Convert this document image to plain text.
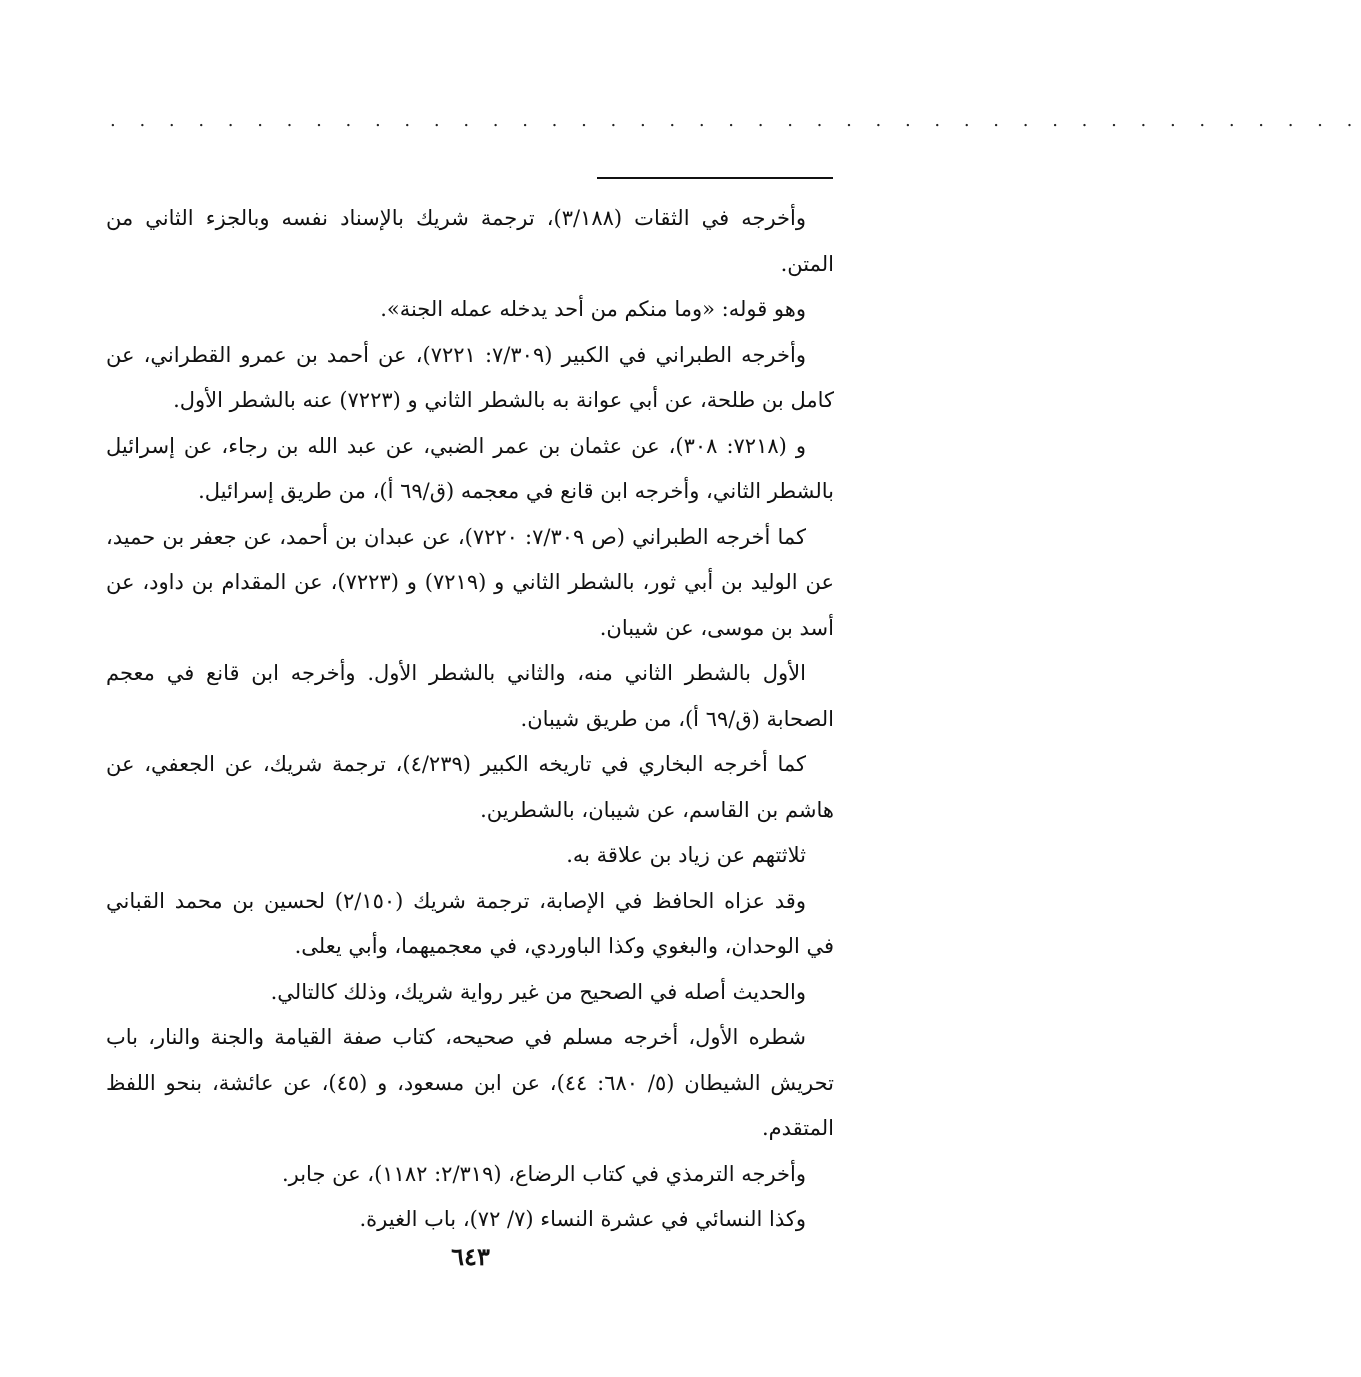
. . . . . . . . . . . . . . . . . . . . . . . . . . . . . . . . . . . . . . . . . . .

وأخرجه في الثقات (٣/١٨٨)، ترجمة شريك بالإسناد نفسه وبالجزء الثاني من المتن.

وهو قوله: «وما منكم من أحد يدخله عمله الجنة».

وأخرجه الطبراني في الكبير (٧/٣٠٩: ٧٢٢١)، عن أحمد بن عمرو القطراني، عن كامل بن طلحة، عن أبي عوانة به بالشطر الثاني و (٧٢٢٣) عنه بالشطر الأول.

و (٧٢١٨: ٣٠٨)، عن عثمان بن عمر الضبي، عن عبد الله بن رجاء، عن إسرائيل بالشطر الثاني، وأخرجه ابن قانع في معجمه (ق/٦٩ أ)، من طريق إسرائيل.

كما أخرجه الطبراني (ص ٧/٣٠٩: ٧٢٢٠)، عن عبدان بن أحمد، عن جعفر بن حميد، عن الوليد بن أبي ثور، بالشطر الثاني و (٧٢١٩) و (٧٢٢٣)، عن المقدام بن داود، عن أسد بن موسى، عن شيبان.

الأول بالشطر الثاني منه، والثاني بالشطر الأول. وأخرجه ابن قانع في معجم الصحابة (ق/٦٩ أ)، من طريق شيبان.

كما أخرجه البخاري في تاريخه الكبير (٤/٢٣٩)، ترجمة شريك، عن الجعفي، عن هاشم بن القاسم، عن شيبان، بالشطرين.

ثلاثتهم عن زياد بن علاقة به.

وقد عزاه الحافظ في الإصابة، ترجمة شريك (٢/١٥٠) لحسين بن محمد القباني في الوحدان، والبغوي وكذا الباوردي، في معجميهما، وأبي يعلى.

والحديث أصله في الصحيح من غير رواية شريك، وذلك كالتالي.

شطره الأول، أخرجه مسلم في صحيحه، كتاب صفة القيامة والجنة والنار، باب تحريش الشيطان (٥/ ٦٨٠: ٤٤)، عن ابن مسعود، و (٤٥)، عن عائشة، بنحو اللفظ المتقدم.

وأخرجه الترمذي في كتاب الرضاع، (٢/٣١٩: ١١٨٢)، عن جابر.

وكذا النسائي في عشرة النساء (٧/ ٧٢)، باب الغيرة.

٦٤٣
